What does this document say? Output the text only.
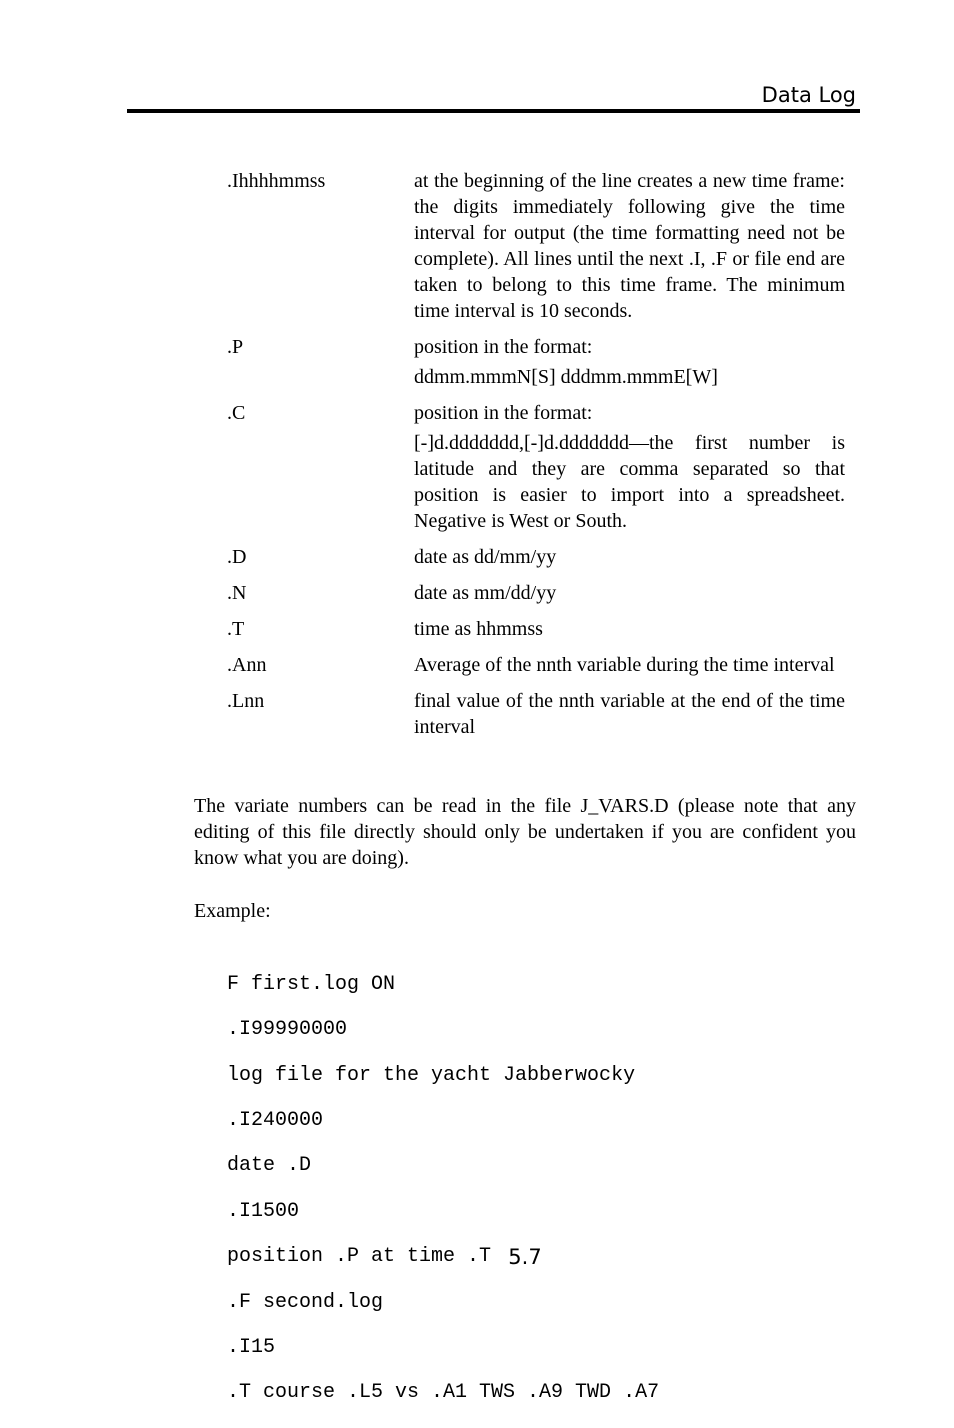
Data Log
.Ihhhhmmss	at the beginning of the line creates a new time frame: the digits immediately following give the time interval for output (the time formatting need not be complete). All lines until the next .I, .F or file end are taken to belong to this time frame. The minimum time interval is 10 seconds.
.P	position in the format:
ddmm.mmmN[S] dddmm.mmmE[W]
.C	position in the format:
[-]d.ddddddd,[-]d.ddddddd—the first number is latitude and they are comma separated so that position is easier to import into a spreadsheet. Negative is West or South.
.D	date as dd/mm/yy
.N	date as mm/dd/yy
.T	time as hhmmss
.Ann	Average of the nnth variable during the time interval
.Lnn	final value of the nnth variable at the end of the time interval
The variate numbers can be read in the file J_VARS.D (please note that any editing of this file directly should only be undertaken if you are confident you know what you are doing).
Example:

F first.log ON

.I99990000

log file for the yacht Jabberwocky

.I240000

date .D

.I1500

position .P at time .T

.F second.log

.I15

.T course .L5 vs .A1 TWS .A9 TWD .A7

5.7
